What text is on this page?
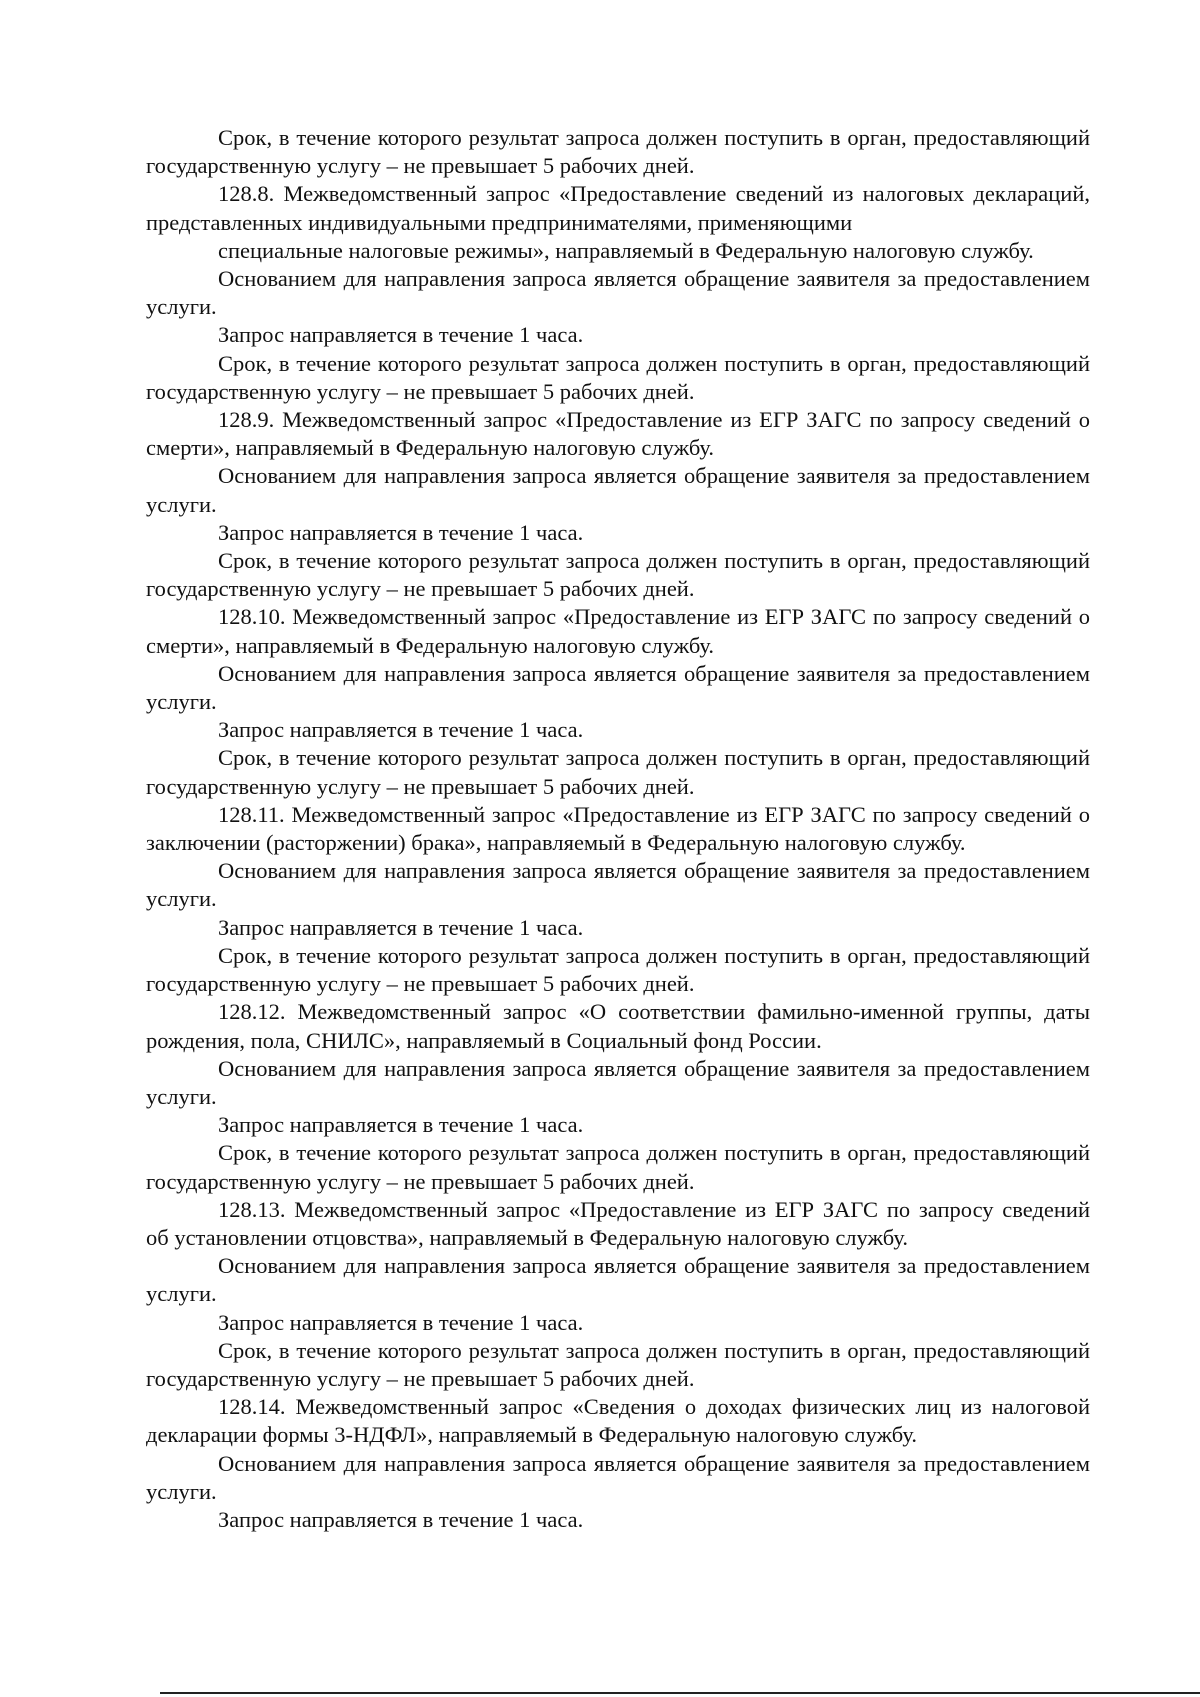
Срок, в течение которого результат запроса должен поступить в орган, предоставляющий государственную услугу – не превышает 5 рабочих дней.

128.8. Межведомственный запрос «Предоставление сведений из налоговых деклараций, представленных индивидуальными предпринимателями, применяющими

специальные налоговые режимы», направляемый в Федеральную налоговую службу.

Основанием для направления запроса является обращение заявителя за предоставлением услуги.

Запрос направляется в течение 1 часа.

Срок, в течение которого результат запроса должен поступить в орган, предоставляющий государственную услугу – не превышает 5 рабочих дней.

128.9. Межведомственный запрос «Предоставление из ЕГР ЗАГС по запросу сведений о смерти», направляемый в Федеральную налоговую службу.

Основанием для направления запроса является обращение заявителя за предоставлением услуги.

Запрос направляется в течение 1 часа.

Срок, в течение которого результат запроса должен поступить в орган, предоставляющий государственную услугу – не превышает 5 рабочих дней.

128.10. Межведомственный запрос «Предоставление из ЕГР ЗАГС по запросу сведений о смерти», направляемый в Федеральную налоговую службу.

Основанием для направления запроса является обращение заявителя за предоставлением услуги.

Запрос направляется в течение 1 часа.

Срок, в течение которого результат запроса должен поступить в орган, предоставляющий государственную услугу – не превышает 5 рабочих дней.

128.11. Межведомственный запрос «Предоставление из ЕГР ЗАГС по запросу сведений о заключении (расторжении) брака», направляемый в Федеральную налоговую службу.

Основанием для направления запроса является обращение заявителя за предоставлением услуги.

Запрос направляется в течение 1 часа.

Срок, в течение которого результат запроса должен поступить в орган, предоставляющий государственную услугу – не превышает 5 рабочих дней.

128.12. Межведомственный запрос «О соответствии фамильно-именной группы, даты рождения, пола, СНИЛС», направляемый в Социальный фонд России.

Основанием для направления запроса является обращение заявителя за предоставлением услуги.

Запрос направляется в течение 1 часа.

Срок, в течение которого результат запроса должен поступить в орган, предоставляющий государственную услугу – не превышает 5 рабочих дней.

128.13. Межведомственный запрос «Предоставление из ЕГР ЗАГС по запросу сведений об установлении отцовства», направляемый в Федеральную налоговую службу.

Основанием для направления запроса является обращение заявителя за предоставлением услуги.

Запрос направляется в течение 1 часа.

Срок, в течение которого результат запроса должен поступить в орган, предоставляющий государственную услугу – не превышает 5 рабочих дней.

128.14. Межведомственный запрос «Сведения о доходах физических лиц из налоговой декларации формы 3-НДФЛ», направляемый в Федеральную налоговую службу.

Основанием для направления запроса является обращение заявителя за предоставлением услуги.

Запрос направляется в течение 1 часа.
